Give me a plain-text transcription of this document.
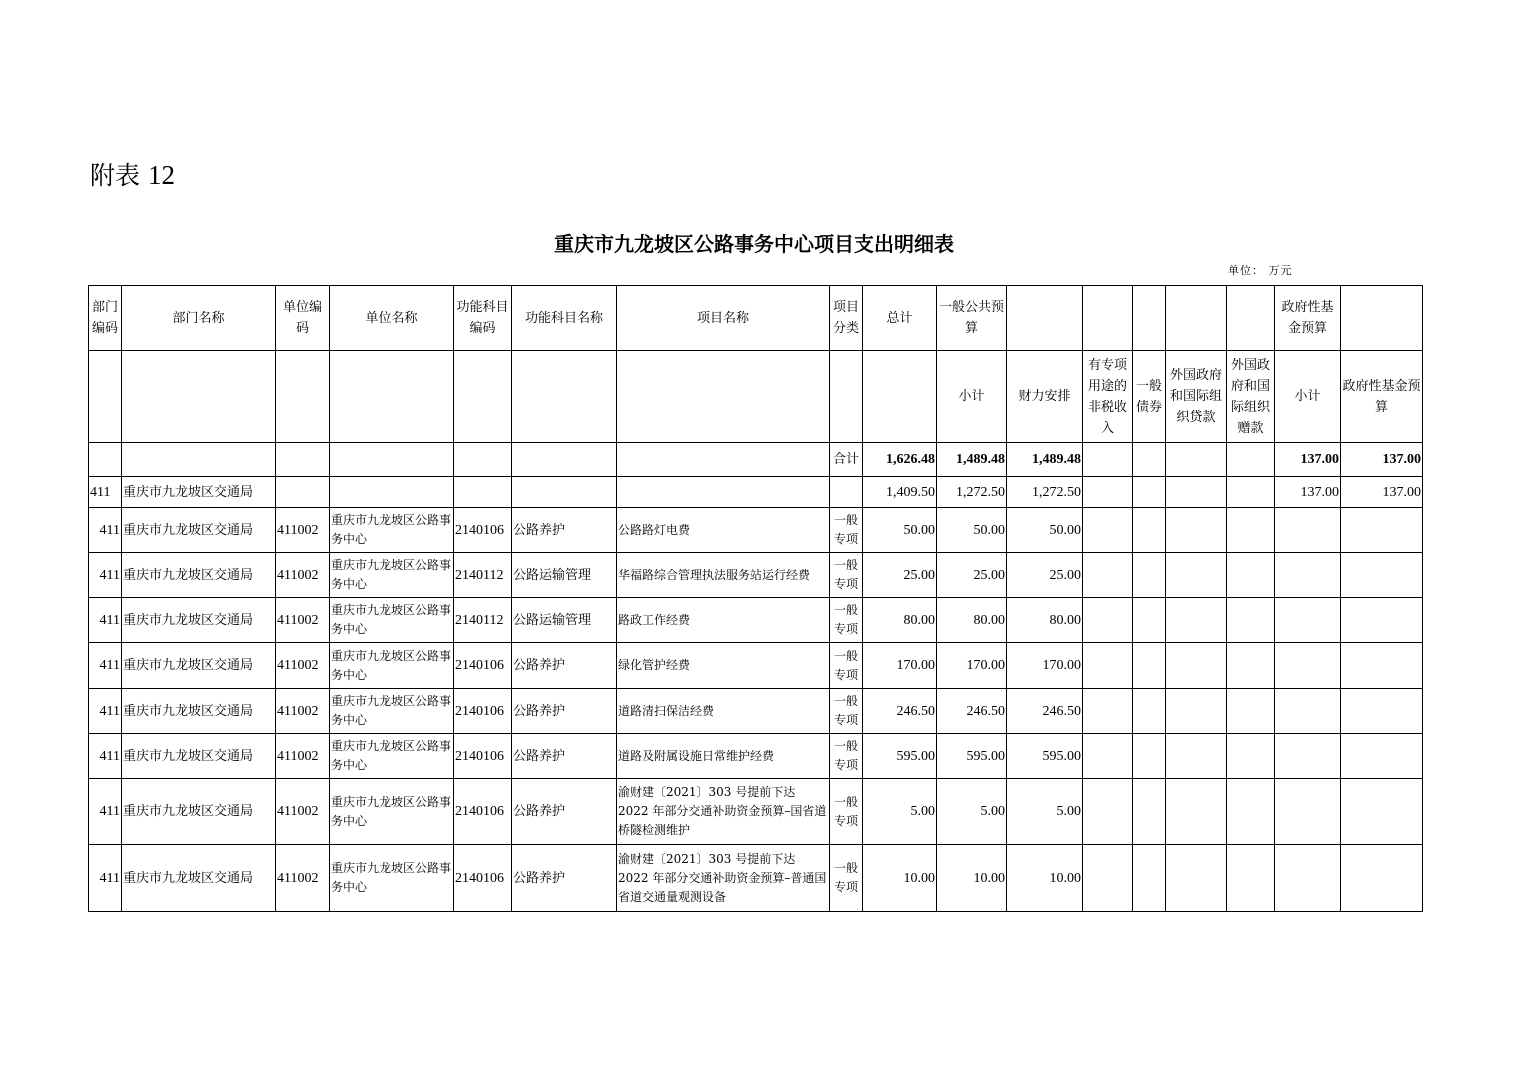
附表 12
重庆市九龙坡区公路事务中心项目支出明细表
单位： 万元
部门编码	部门名称	单位编码	单位名称	功能科目编码	功能科目名称	项目名称	项目分类	总计	一般公共预算						政府性基金预算	
									小计	财力安排	有专项用途的非税收入	一般债券	外国政府和国际组织贷款	外国政府和国际组织赠款	小计	政府性基金预算
							合计	1,626.48	1,489.48	1,489.48					137.00	137.00
411	重庆市九龙坡区交通局							1,409.50	1,272.50	1,272.50					137.00	137.00
411	重庆市九龙坡区交通局	411002	重庆市九龙坡区公路事务中心	2140106	公路养护	公路路灯电费	一般专项	50.00	50.00	50.00						
411	重庆市九龙坡区交通局	411002	重庆市九龙坡区公路事务中心	2140112	公路运输管理	华福路综合管理执法服务站运行经费	一般专项	25.00	25.00	25.00						
411	重庆市九龙坡区交通局	411002	重庆市九龙坡区公路事务中心	2140112	公路运输管理	路政工作经费	一般专项	80.00	80.00	80.00						
411	重庆市九龙坡区交通局	411002	重庆市九龙坡区公路事务中心	2140106	公路养护	绿化管护经费	一般专项	170.00	170.00	170.00						
411	重庆市九龙坡区交通局	411002	重庆市九龙坡区公路事务中心	2140106	公路养护	道路清扫保洁经费	一般专项	246.50	246.50	246.50						
411	重庆市九龙坡区交通局	411002	重庆市九龙坡区公路事务中心	2140106	公路养护	道路及附属设施日常维护经费	一般专项	595.00	595.00	595.00						
411	重庆市九龙坡区交通局	411002	重庆市九龙坡区公路事务中心	2140106	公路养护	渝财建〔2021〕303 号提前下达 2022 年部分交通补助资金预算–国省道桥隧检测维护	一般专项	5.00	5.00	5.00						
411	重庆市九龙坡区交通局	411002	重庆市九龙坡区公路事务中心	2140106	公路养护	渝财建〔2021〕303 号提前下达 2022 年部分交通补助资金预算–普通国省道交通量观测设备	一般专项	10.00	10.00	10.00						
